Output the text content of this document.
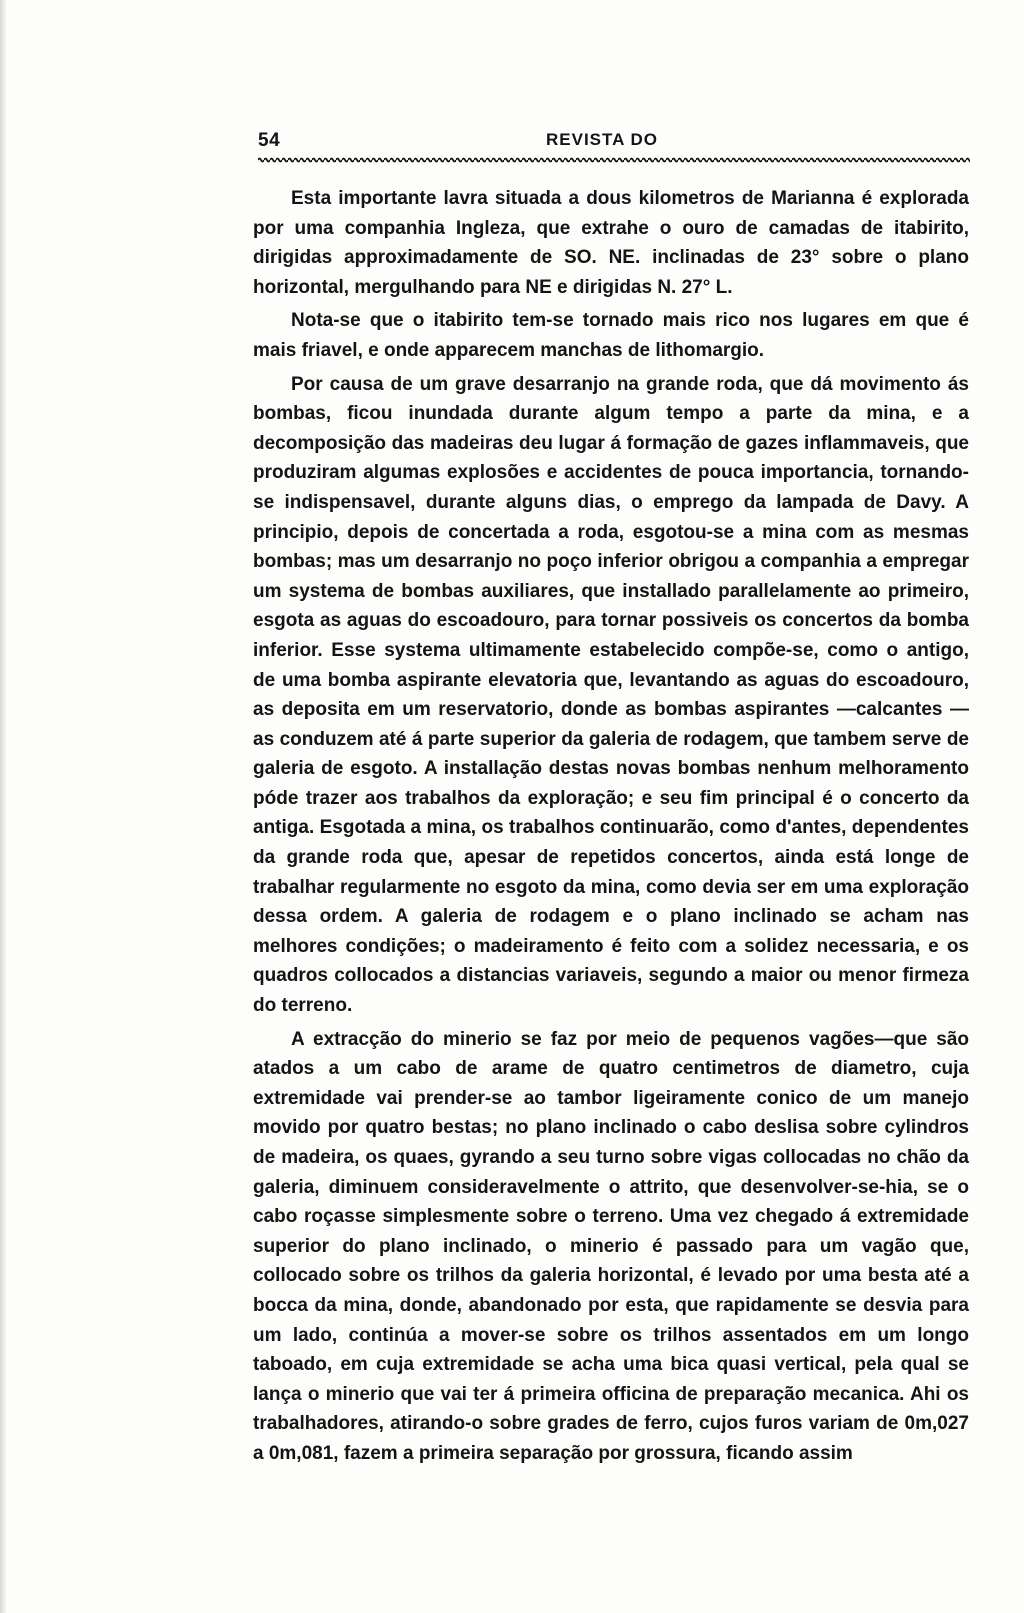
54	REVISTA DO

Esta importante lavra situada a dous kilometros de Marianna é explorada por uma companhia Ingleza, que extrahe o ouro de camadas de itabirito, dirigidas approximadamente de SO. NE. inclinadas de 23° sobre o plano horizontal, mergulhando para NE e dirigidas N. 27° L.

Nota-se que o itabirito tem-se tornado mais rico nos lugares em que é mais friavel, e onde apparecem manchas de lithomargio.

Por causa de um grave desarranjo na grande roda, que dá movimento ás bombas, ficou inundada durante algum tempo a parte da mina, e a decomposição das madeiras deu lugar á formação de gazes inflammaveis, que produziram algumas explosões e accidentes de pouca importancia, tornando-se indispensavel, durante alguns dias, o emprego da lampada de Davy. A principio, depois de concertada a roda, esgotou-se a mina com as mesmas bombas; mas um desarranjo no poço inferior obrigou a companhia a empregar um systema de bombas auxiliares, que installado parallelamente ao primeiro, esgota as aguas do escoadouro, para tornar possiveis os concertos da bomba inferior. Esse systema ultimamente estabelecido compõe-se, como o antigo, de uma bomba aspirante elevatoria que, levantando as aguas do escoadouro, as deposita em um reservatorio, donde as bombas aspirantes —calcantes — as conduzem até á parte superior da galeria de rodagem, que tambem serve de galeria de esgoto. A installação destas novas bombas nenhum melhoramento póde trazer aos trabalhos da exploração; e seu fim principal é o concerto da antiga. Esgotada a mina, os trabalhos continuarão, como d'antes, dependentes da grande roda que, apesar de repetidos concertos, ainda está longe de trabalhar regularmente no esgoto da mina, como devia ser em uma exploração dessa ordem. A galeria de rodagem e o plano inclinado se acham nas melhores condições; o madeiramento é feito com a solidez necessaria, e os quadros collocados a distancias variaveis, segundo a maior ou menor firmeza do terreno.

A extracção do minerio se faz por meio de pequenos vagões—que são atados a um cabo de arame de quatro centimetros de diametro, cuja extremidade vai prender-se ao tambor ligeiramente conico de um manejo movido por quatro bestas; no plano inclinado o cabo deslisa sobre cylindros de madeira, os quaes, gyrando a seu turno sobre vigas collocadas no chão da galeria, diminuem consideravelmente o attrito, que desenvolver-se-hia, se o cabo roçasse simplesmente sobre o terreno. Uma vez chegado á extremidade superior do plano inclinado, o minerio é passado para um vagão que, collocado sobre os trilhos da galeria horizontal, é levado por uma besta até a bocca da mina, donde, abandonado por esta, que rapidamente se desvia para um lado, continúa a mover-se sobre os trilhos assentados em um longo taboado, em cuja extremidade se acha uma bica quasi vertical, pela qual se lança o minerio que vai ter á primeira officina de preparação mecanica. Ahi os trabalhadores, atirando-o sobre grades de ferro, cujos furos variam de 0m,027 a 0m,081, fazem a primeira separação por grossura, ficando assim
